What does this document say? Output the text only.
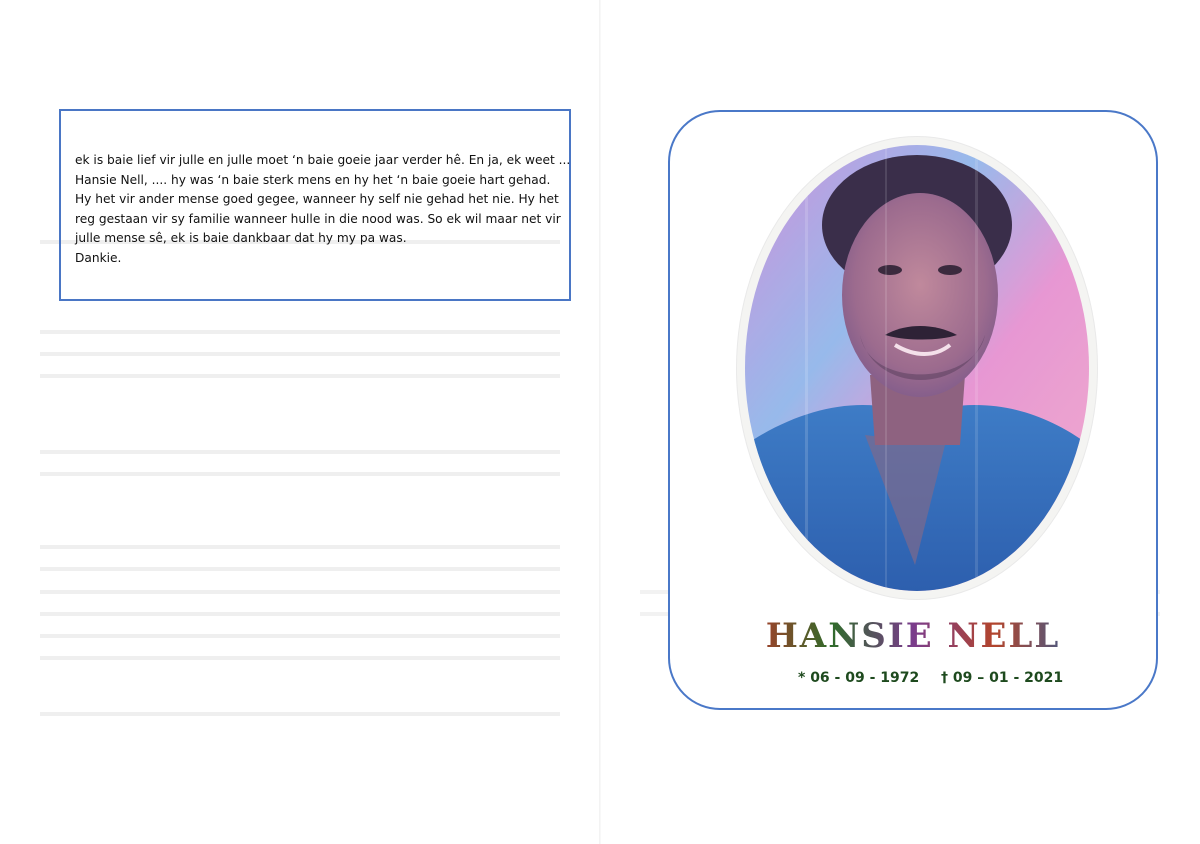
ek is baie lief vir julle en julle moet ‘n baie goeie jaar verder hê. En ja, ek weet ...
Hansie Nell, .... hy was ‘n baie sterk mens en hy het ‘n baie goeie hart gehad.
Hy het vir ander mense goed gegee, wanneer hy self nie gehad het nie. Hy het
reg gestaan vir sy familie wanneer hulle in die nood was. So ek wil maar net vir
julle mense sê, ek is baie dankbaar dat hy my pa was.
Dankie.

HANSIE NELL
* 06 - 09 - 1972 † 09 – 01 - 2021
